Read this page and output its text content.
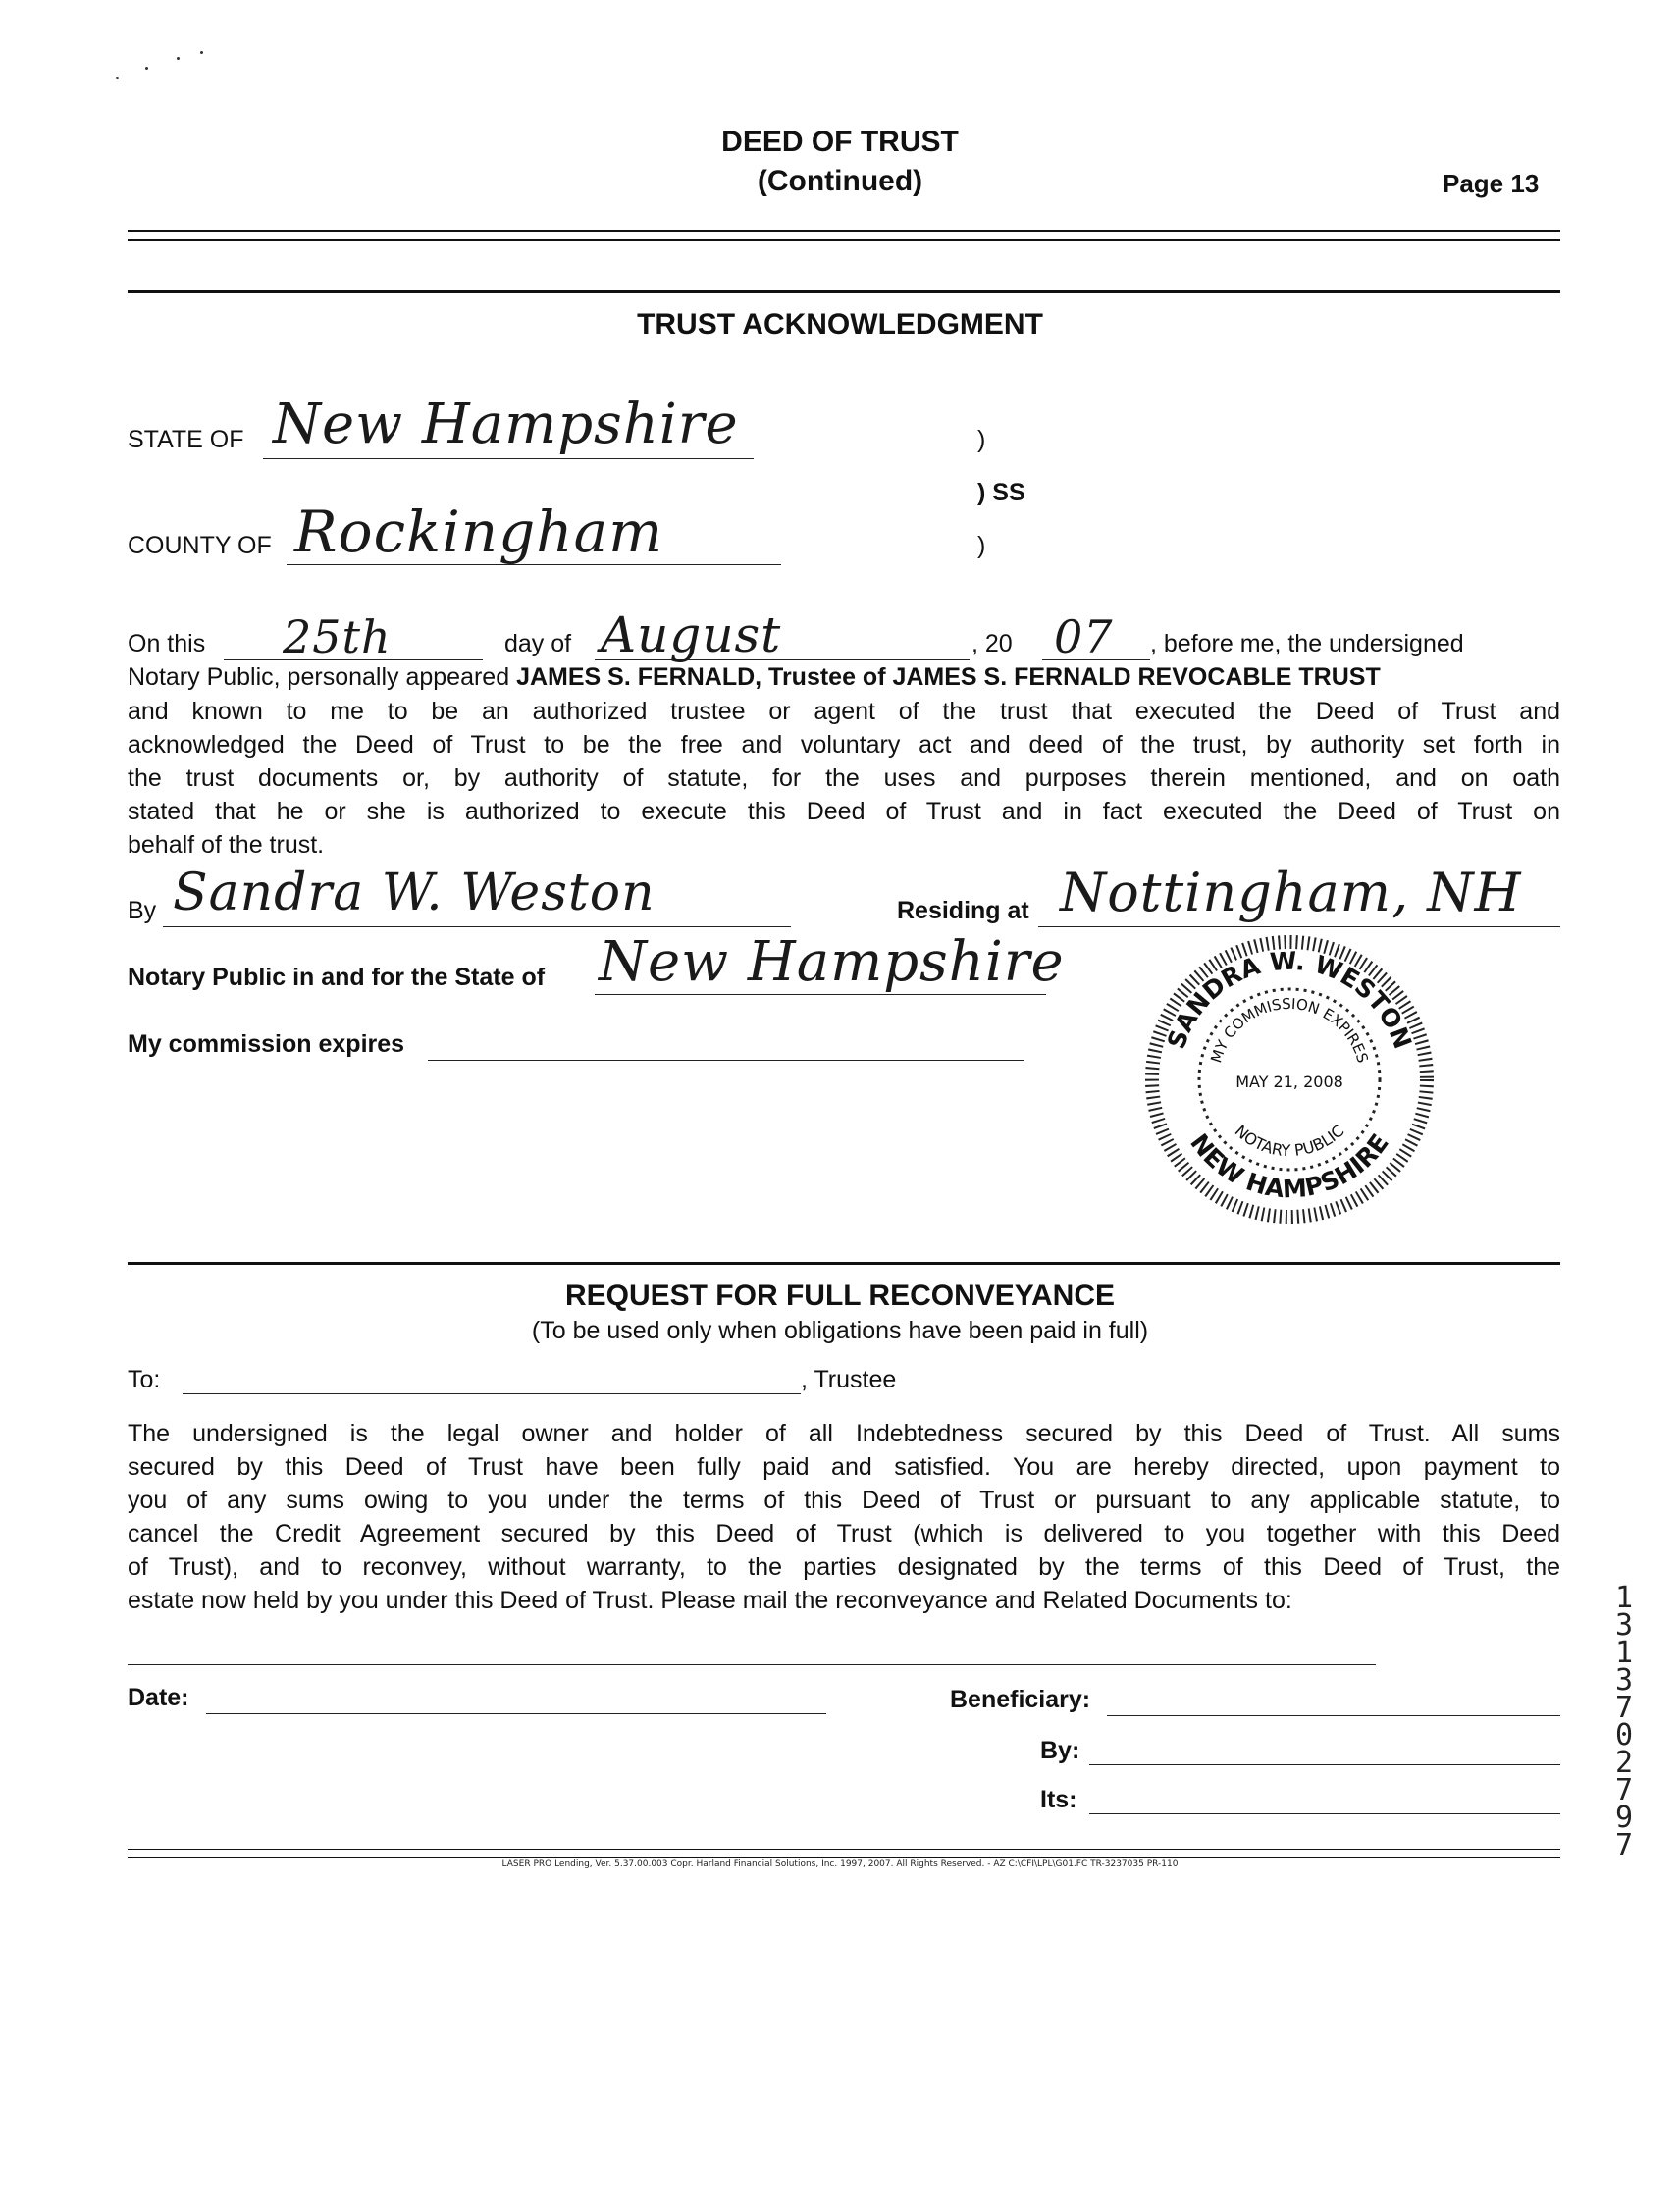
DEED OF TRUST
(Continued)	Page 13
TRUST ACKNOWLEDGMENT
STATE OF New Hampshire	)
) SS
COUNTY OF Rockingham	)
On this 25th	day of August	, 20 07 , before me, the undersigned
Notary Public, personally appeared JAMES S. FERNALD, Trustee of JAMES S. FERNALD REVOCABLE TRUST
and known to me to be an authorized trustee or agent of the trust that executed the Deed of Trust and
acknowledged the Deed of Trust to be the free and voluntary act and deed of the trust, by authority set forth in
the trust documents or, by authority of statute, for the uses and purposes therein mentioned, and on oath
stated that he or she is authorized to execute this Deed of Trust and in fact executed the Deed of Trust on
behalf of the trust.
By Sandra W. Weston	Residing at Nottingham, NH
Notary Public in and for the State of New Hampshire
My commission expires	SANDRA W. WESTON
NEW HAMPSHIRE
MY COMMISSION EXPIRES
MAY 21, 2008
NOTARY PUBLIC
REQUEST FOR FULL RECONVEYANCE
(To be used only when obligations have been paid in full)
To:	, Trustee
The undersigned is the legal owner and holder of all Indebtedness secured by this Deed of Trust. All sums
secured by this Deed of Trust have been fully paid and satisfied. You are hereby directed, upon payment to
you of any sums owing to you under the terms of this Deed of Trust or pursuant to any applicable statute, to
cancel the Credit Agreement secured by this Deed of Trust (which is delivered to you together with this Deed
of Trust), and to reconvey, without warranty, to the parties designated by the terms of this Deed of Trust, the
estate now held by you under this Deed of Trust. Please mail the reconveyance and Related Documents to:
Date:	Beneficiary:
By:
Its:
LASER PRO Lending, Ver. 5.37.00.003 Copr. Harland Financial Solutions, Inc. 1997, 2007. All Rights Reserved. - AZ C:\CFI\LPL\G01.FC TR-3237035 PR-110
13137 02797
